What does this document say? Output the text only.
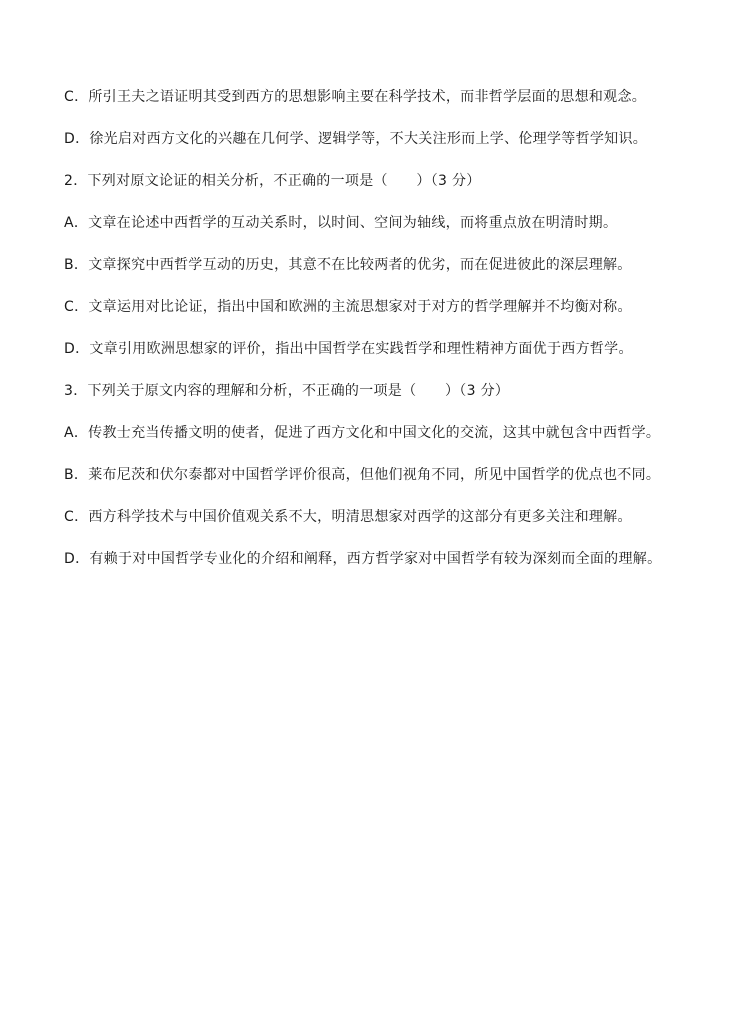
C．所引王夫之语证明其受到西方的思想影响主要在科学技术，而非哲学层面的思想和观念。

D．徐光启对西方文化的兴趣在几何学、逻辑学等，不大关注形而上学、伦理学等哲学知识。

2．下列对原文论证的相关分析，不正确的一项是（　　）（3 分）

A．文章在论述中西哲学的互动关系时，以时间、空间为轴线，而将重点放在明清时期。

B．文章探究中西哲学互动的历史，其意不在比较两者的优劣，而在促进彼此的深层理解。

C．文章运用对比论证，指出中国和欧洲的主流思想家对于对方的哲学理解并不均衡对称。

D．文章引用欧洲思想家的评价，指出中国哲学在实践哲学和理性精神方面优于西方哲学。

3．下列关于原文内容的理解和分析，不正确的一项是（　　）（3 分）

A．传教士充当传播文明的使者，促进了西方文化和中国文化的交流，这其中就包含中西哲学。

B．莱布尼茨和伏尔泰都对中国哲学评价很高，但他们视角不同，所见中国哲学的优点也不同。

C．西方科学技术与中国价值观关系不大，明清思想家对西学的这部分有更多关注和理解。

D．有赖于对中国哲学专业化的介绍和阐释，西方哲学家对中国哲学有较为深刻而全面的理解。
